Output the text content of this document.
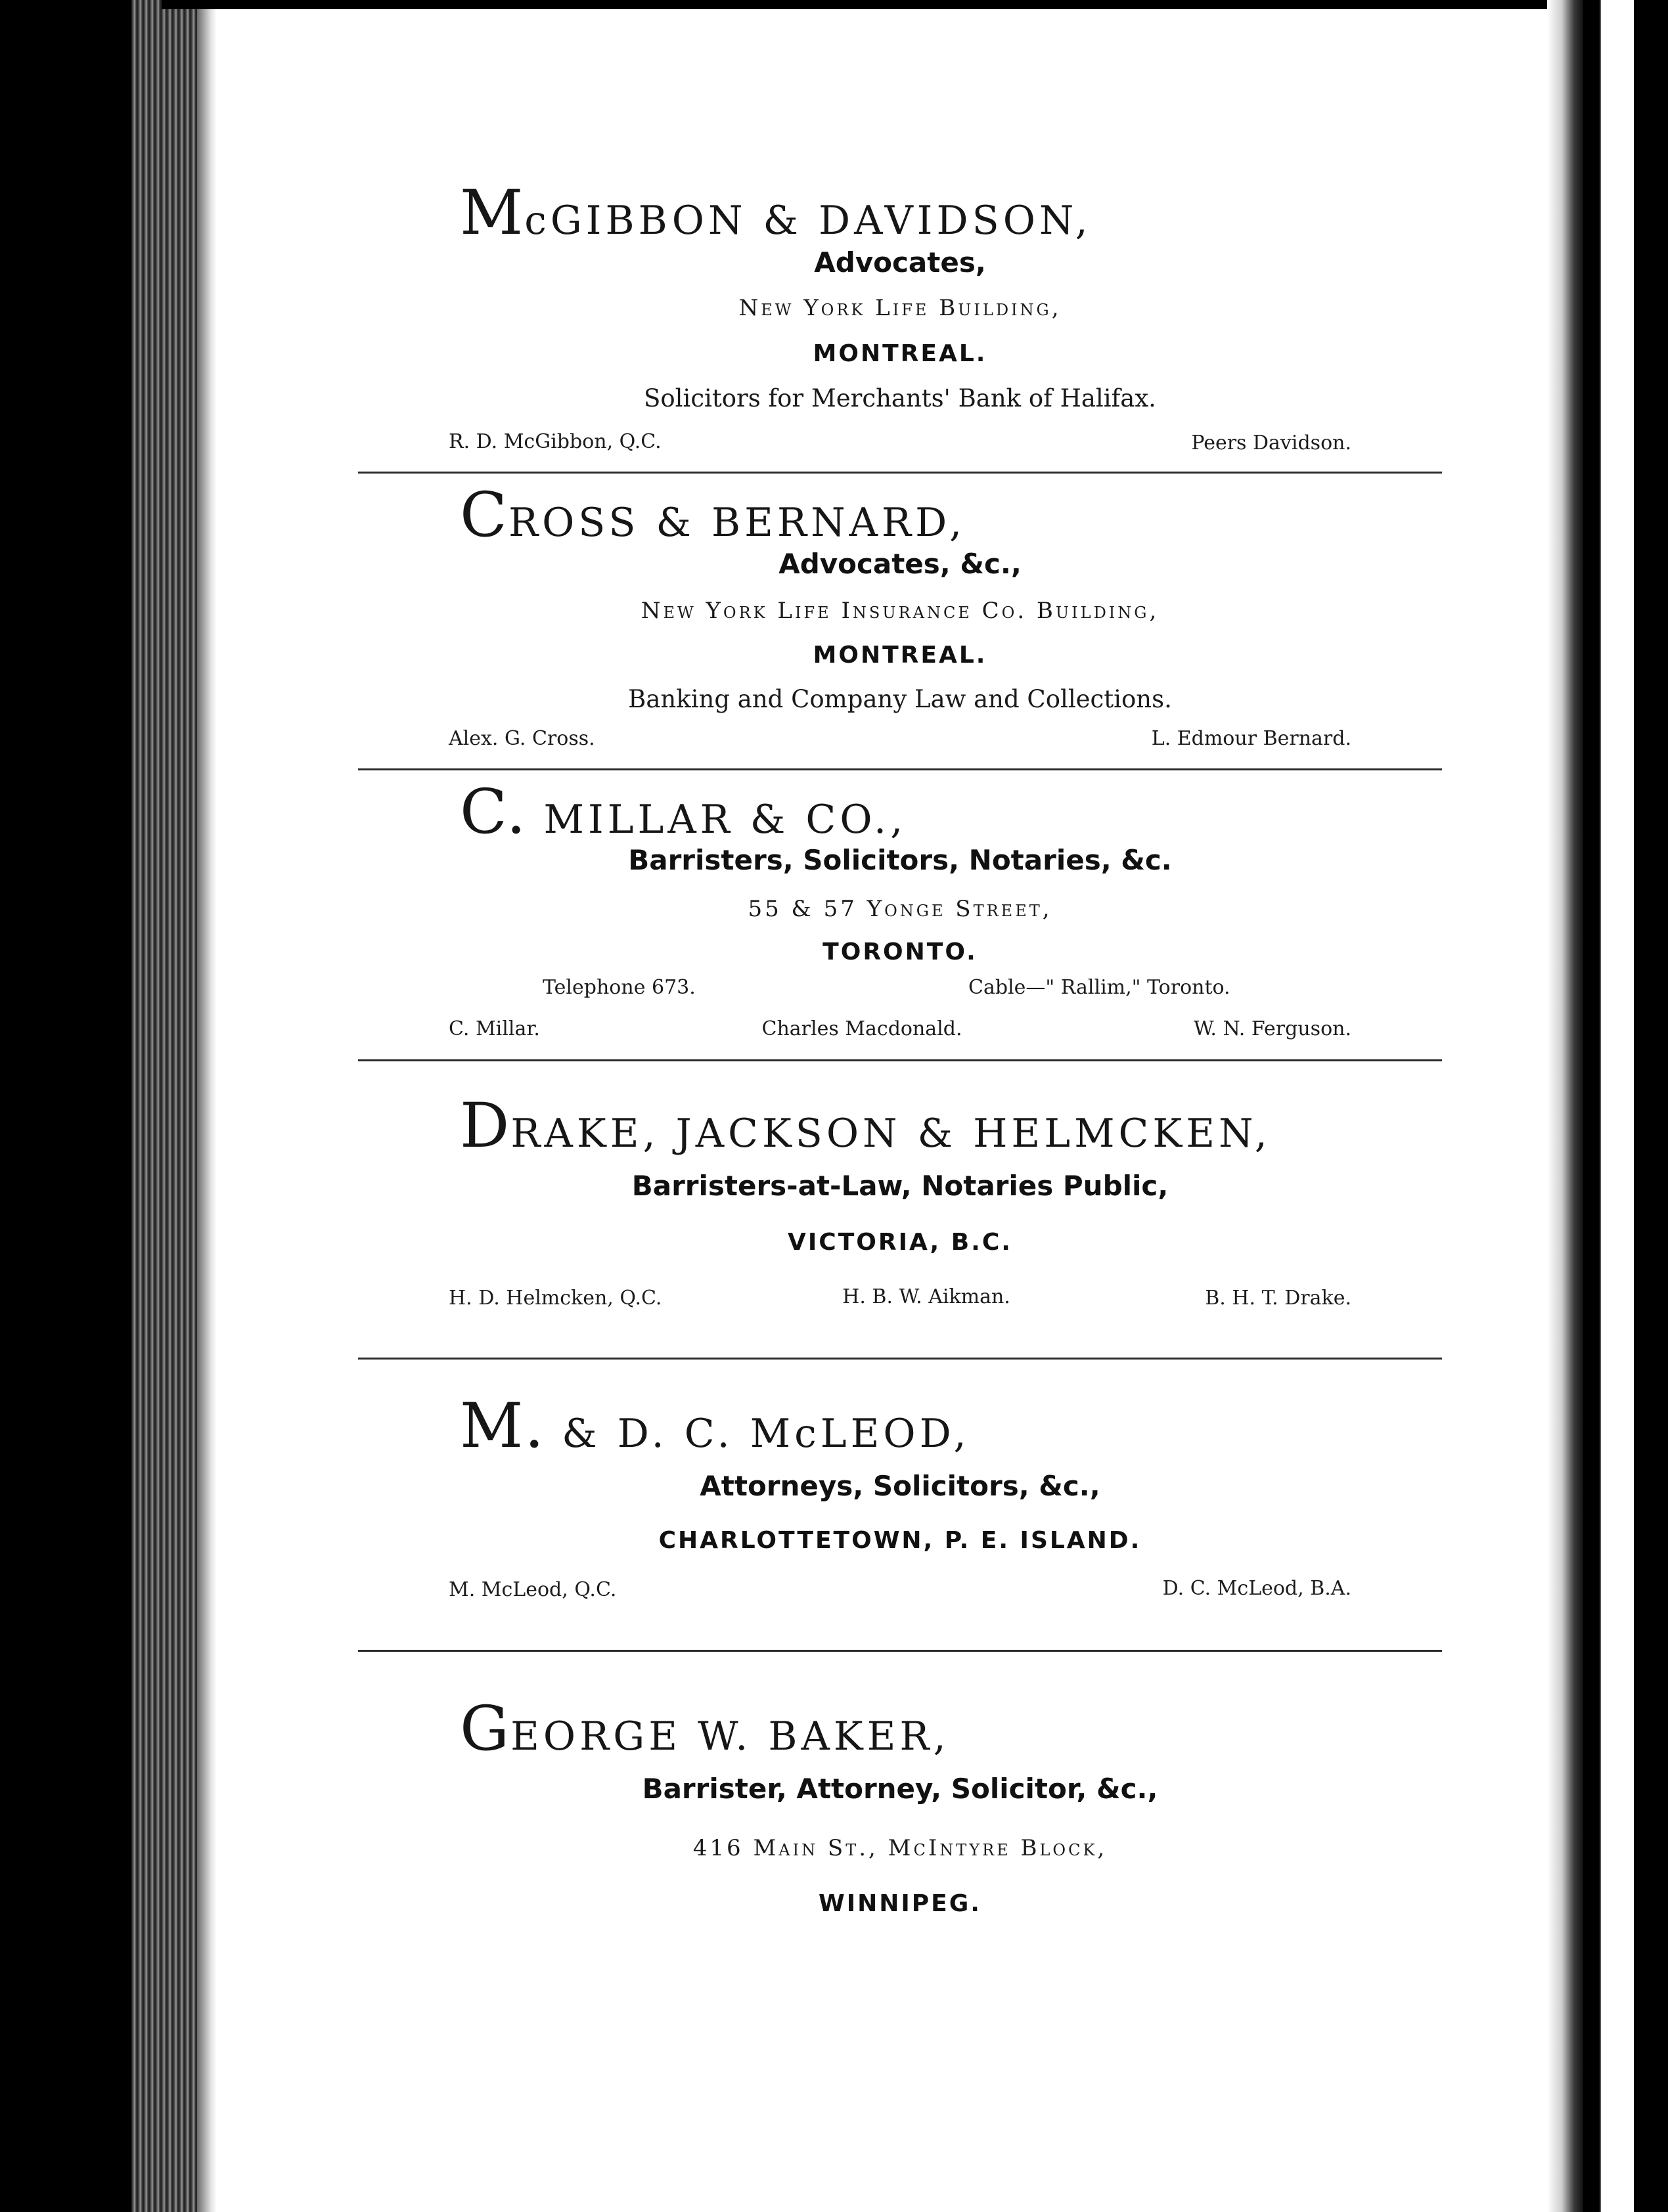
McGIBBON & DAVIDSON,
Advocates,
New York Life Building,
MONTREAL.
Solicitors for Merchants' Bank of Halifax.
R. D. McGibbon, Q.C.	Peers Davidson.
CROSS & BERNARD,
Advocates, &c.,
New York Life Insurance Co. Building,
MONTREAL.
Banking and Company Law and Collections.
Alex. G. Cross.	L. Edmour Bernard.
C. MILLAR & CO.,
Barristers, Solicitors, Notaries, &c.
55 & 57 Yonge Street,
TORONTO.
Telephone 673.	Cable—" Rallim," Toronto.
C. Millar.	Charles Macdonald.	W. N. Ferguson.
DRAKE, JACKSON & HELMCKEN,
Barristers-at-Law, Notaries Public,
VICTORIA, B.C.
H. D. Helmcken, Q.C.	H. B. W. Aikman.	B. H. T. Drake.
M. & D. C. McLEOD,
Attorneys, Solicitors, &c.,
CHARLOTTETOWN, P. E. ISLAND.
M. McLeod, Q.C.	D. C. McLeod, B.A.
GEORGE W. BAKER,
Barrister, Attorney, Solicitor, &c.,
416 Main St., McIntyre Block,
WINNIPEG.
